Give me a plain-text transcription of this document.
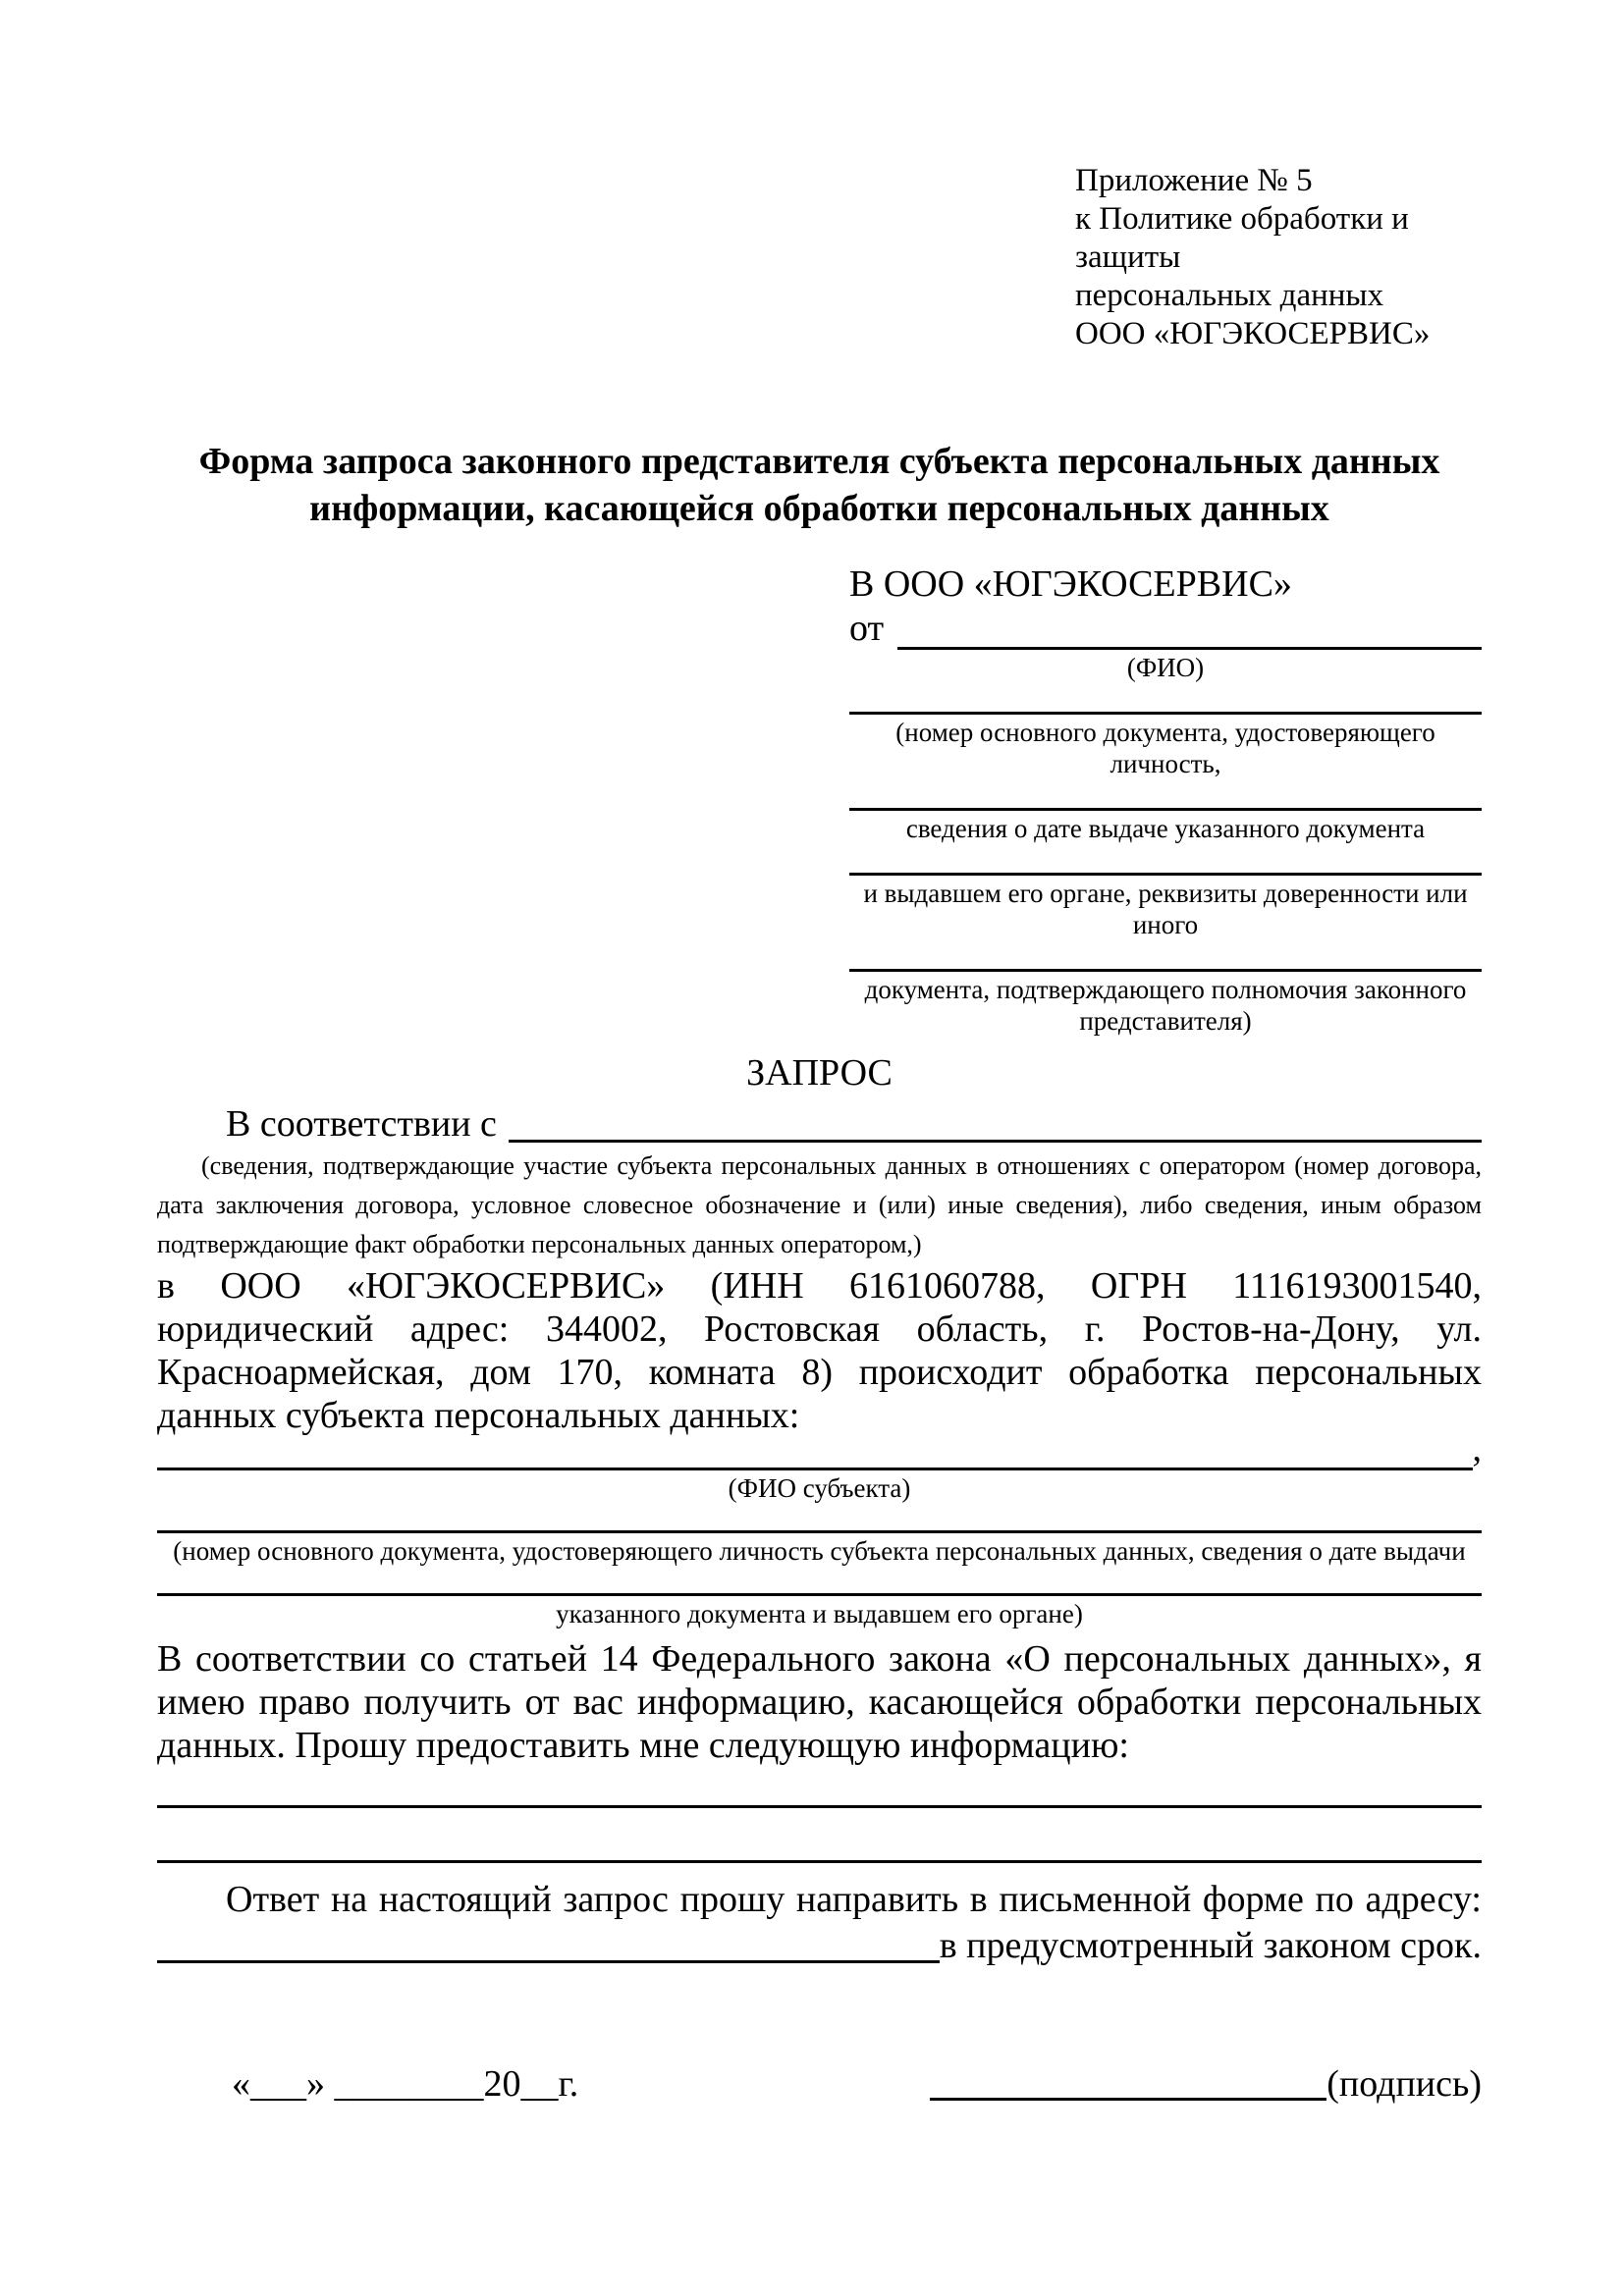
Приложение № 5
к Политике обработки и защиты
персональных данных
ООО «ЮГЭКОСЕРВИС»
Форма запроса законного представителя субъекта персональных данных информации, касающейся обработки персональных данных
В ООО «ЮГЭКОСЕРВИС»
от
(ФИО)
(номер основного документа, удостоверяющего личность,
сведения о дате выдаче указанного документа
и выдавшем его органе, реквизиты доверенности или иного
документа, подтверждающего полномочия законного представителя)
ЗАПРОС
В соответствии с
(сведения, подтверждающие участие субъекта персональных данных в отношениях с оператором (номер договора, дата заключения договора, условное словесное обозначение и (или) иные сведения), либо сведения, иным образом подтверждающие факт обработки персональных данных оператором,)
в ООО «ЮГЭКОСЕРВИС» (ИНН 6161060788, ОГРН 1116193001540, юридический адрес: 344002, Ростовская область, г. Ростов-на-Дону, ул. Красноармейская, дом 170, комната 8) происходит обработка персональных данных субъекта персональных данных:
,
(ФИО субъекта)
(номер основного документа, удостоверяющего личность субъекта персональных данных, сведения о дате выдачи
указанного документа и выдавшем его органе)
В соответствии со статьей 14 Федерального закона «О персональных данных», я имею право получить от вас информацию, касающейся обработки персональных данных. Прошу предоставить мне следующую информацию:
Ответ на настоящий запрос прошу направить в письменной форме по адресу:
в предусмотренный законом срок.
«___» ________20__г.	(подпись)
